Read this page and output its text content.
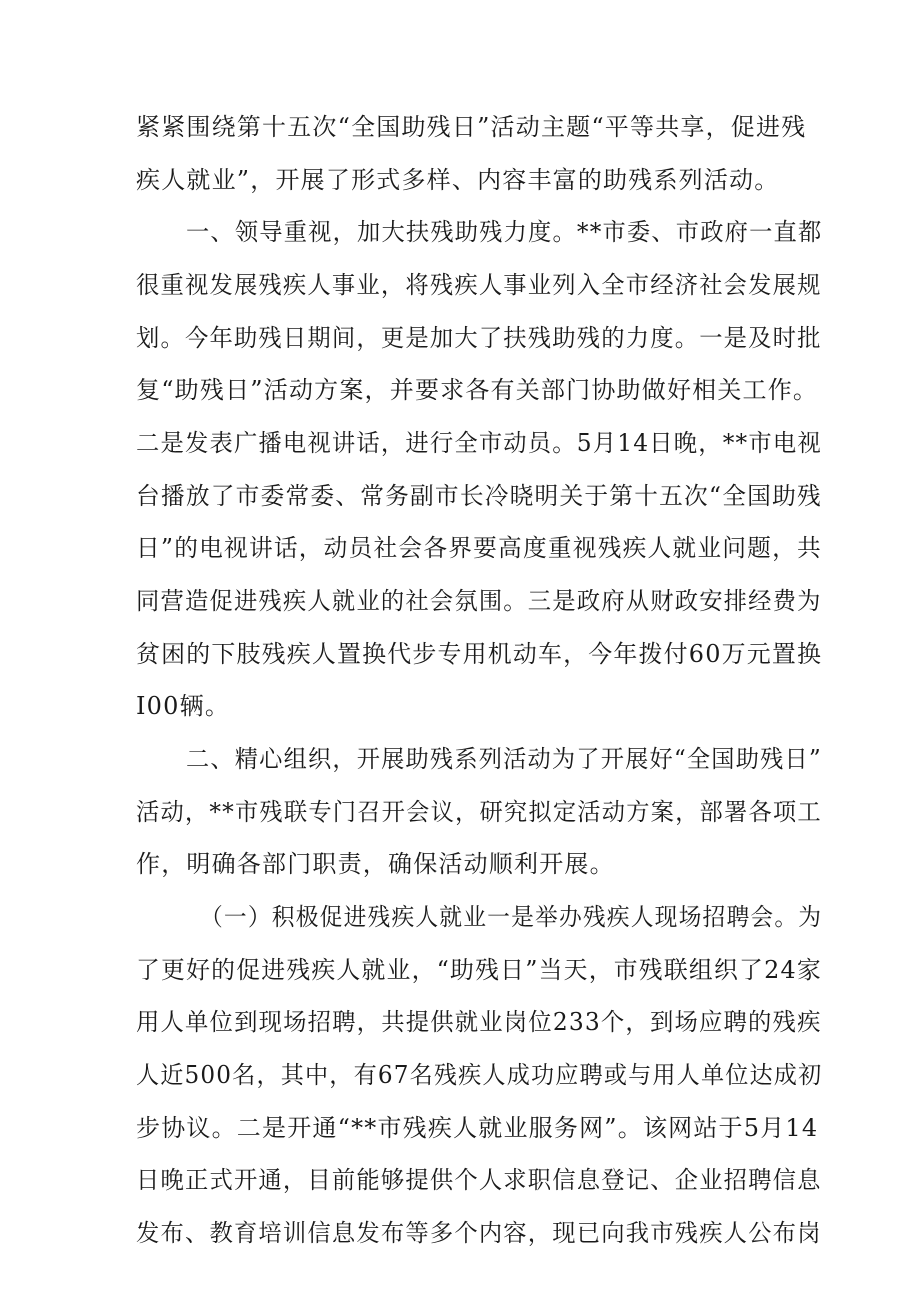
紧紧围绕第十五次“全国助残日”活动主题“平等共享，促进残
疾人就业”，开展了形式多样、内容丰富的助残系列活动。
一、领导重视，加大扶残助残力度。**市委、市政府一直都
很重视发展残疾人事业，将残疾人事业列入全市经济社会发展规
划。今年助残日期间，更是加大了扶残助残的力度。一是及时批
复“助残日”活动方案，并要求各有关部门协助做好相关工作。
二是发表广播电视讲话，进行全市动员。5月14日晚，**市电视
台播放了市委常委、常务副市长冷晓明关于第十五次“全国助残
日”的电视讲话，动员社会各界要高度重视残疾人就业问题，共
同营造促进残疾人就业的社会氛围。三是政府从财政安排经费为
贫困的下肢残疾人置换代步专用机动车，今年拨付60万元置换
I00辆。
二、精心组织，开展助残系列活动为了开展好“全国助残日”
活动，**市残联专门召开会议，研究拟定活动方案，部署各项工
作，明确各部门职责，确保活动顺利开展。
（一）积极促进残疾人就业一是举办残疾人现场招聘会。为
了更好的促进残疾人就业，“助残日”当天，市残联组织了24家
用人单位到现场招聘，共提供就业岗位233个，到场应聘的残疾
人近500名，其中，有67名残疾人成功应聘或与用人单位达成初
步协议。二是开通“**市残疾人就业服务网”。该网站于5月14
日晚正式开通，目前能够提供个人求职信息登记、企业招聘信息
发布、教育培训信息发布等多个内容，现已向我市残疾人公布岗
